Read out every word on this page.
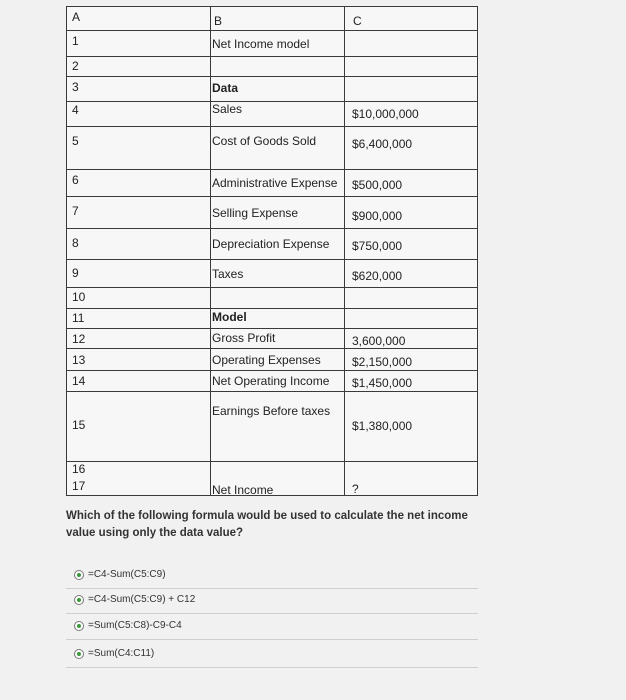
A	B	C
1
2
3
4
5
6
7
8
9
10
11
12
13
14
15
16
17
Net Income model
Data
Sales
Cost of Goods Sold
Administrative Expense
Selling Expense
Depreciation Expense
Taxes
Model
Gross Profit
Operating Expenses
Net Operating Income
Earnings Before taxes
Net Income
$10,000,000
$6,400,000
$500,000
$900,000
$750,000
$620,000
3,600,000
$2,150,000
$1,450,000
$1,380,000
?
Which of the following formula would be used to calculate the net income value using only the data value?
=C4-Sum(C5:C9)
=C4-Sum(C5:C9) + C12
=Sum(C5:C8)-C9-C4
=Sum(C4:C11)
